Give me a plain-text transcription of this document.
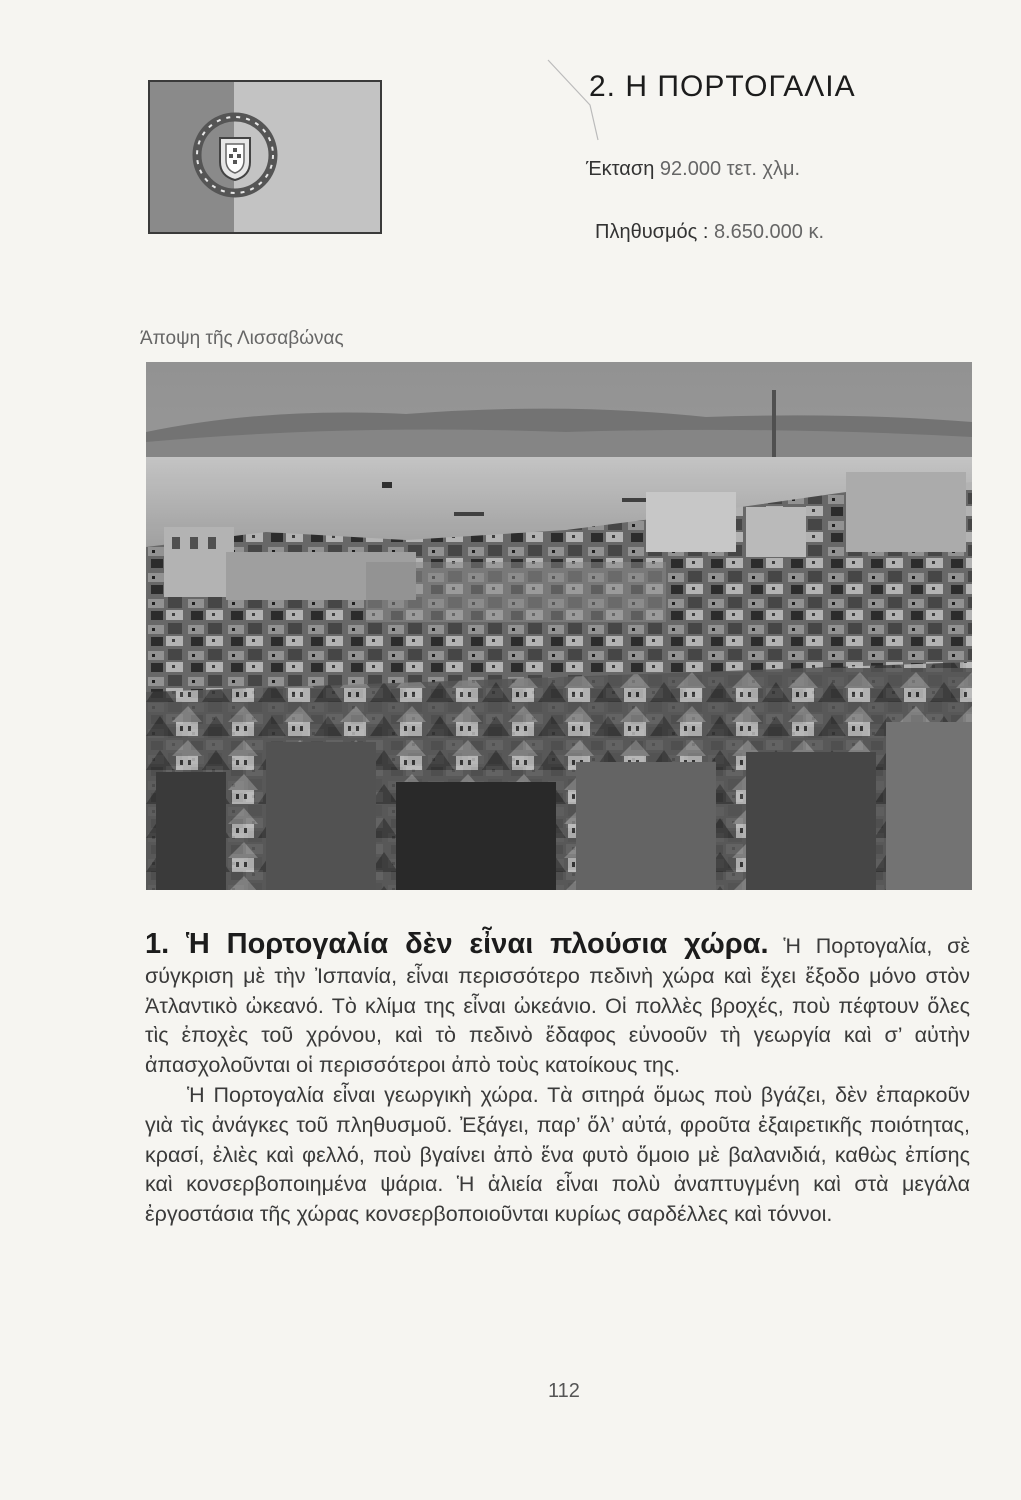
2. Η ΠΟΡΤΟΓΑΛΙΑ

Έκταση 92.000 τετ. χλμ.

Πληθυσμός : 8.650.000 κ.

Άποψη τῆς Λισσαβώνας

1. Ἡ Πορτογαλία δὲν εἶναι πλούσια χώρα. Ἡ Πορτογαλία, σὲ σύγκριση μὲ τὴν Ἰσπανία, εἶναι περισσότερο πεδινὴ χώρα καὶ ἔχει ἔξοδο μόνο στὸν Ἀτλαντικὸ ὠκεανό. Τὸ κλίμα της εἶναι ὠκεάνιο. Οἱ πολλὲς βροχές, ποὺ πέφτουν ὅλες τὶς ἐποχὲς τοῦ χρόνου, καὶ τὸ πεδινὸ ἔδαφος εὐνοοῦν τὴ γεωργία καὶ σ’ αὐτὴν ἀπασχολοῦνται οἱ περισσότεροι ἀπὸ τοὺς κατοίκους της.

Ἡ Πορτογαλία εἶναι γεωργικὴ χώρα. Τὰ σιτηρά ὅμως ποὺ βγάζει, δὲν ἐπαρκοῦν γιὰ τὶς ἀνάγκες τοῦ πληθυσμοῦ. Ἐξάγει, παρ’ ὅλ’ αὐτά, φροῦτα ἐξαιρετικῆς ποιότητας, κρασί, ἐλιὲς καὶ φελλό, ποὺ βγαίνει ἀπὸ ἕνα φυτὸ ὅμοιο μὲ βαλανιδιά, καθὼς ἐπίσης καὶ κονσερβοποιημένα ψάρια. Ἡ ἁλιεία εἶναι πολὺ ἀναπτυγμένη καὶ στὰ μεγάλα ἐργοστάσια τῆς χώρας κονσερβοποιοῦνται κυρίως σαρδέλλες καὶ τόννοι.

112
